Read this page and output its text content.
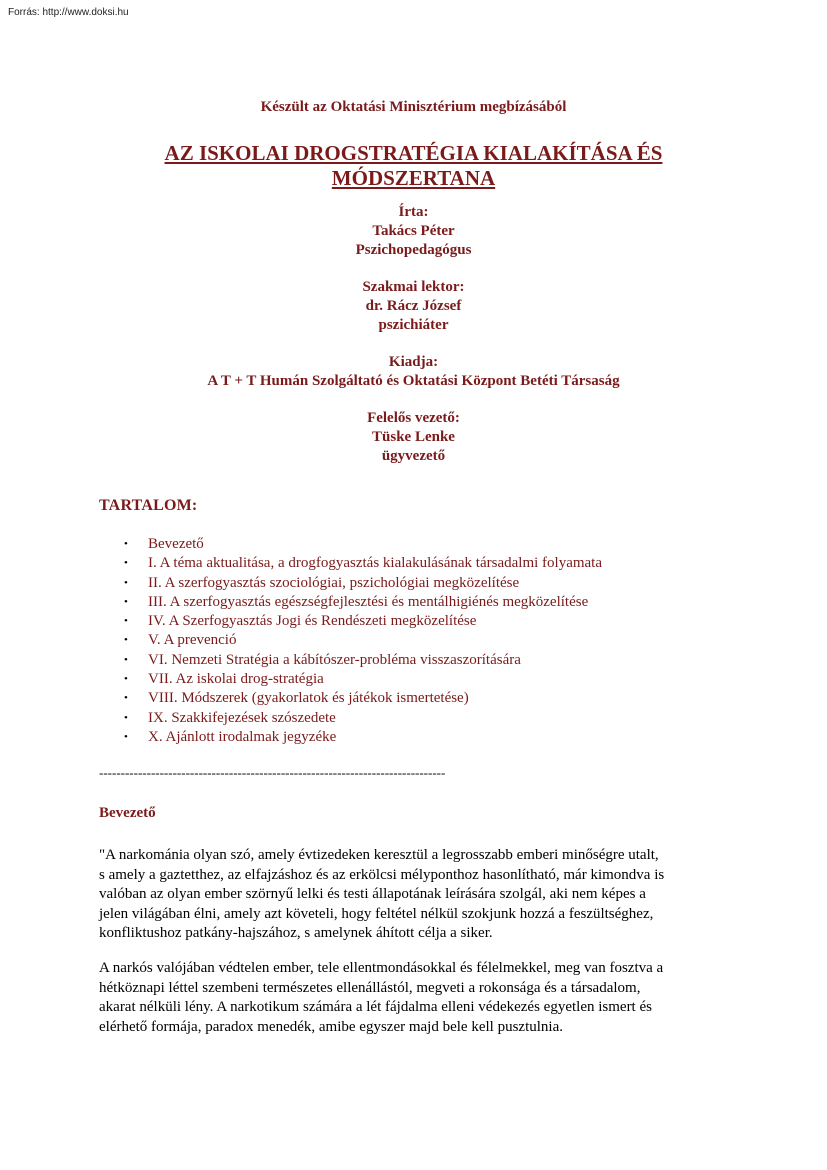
Forrás: http://www.doksi.hu
Készült az Oktatási Minisztérium megbízásából
AZ ISKOLAI DROGSTRATÉGIA KIALAKÍTÁSA ÉS
MÓDSZERTANA
Írta:
Takács Péter
Pszichopedagógus
Szakmai lektor:
dr. Rácz József
pszichiáter
Kiadja:
A T + T Humán Szolgáltató és Oktatási Központ Betéti Társaság
Felelős vezető:
Tüske Lenke
ügyvezető
TARTALOM:
• Bevezető
• I. A téma aktualitása, a drogfogyasztás kialakulásának társadalmi folyamata
• II. A szerfogyasztás szociológiai, pszichológiai megközelítése
• III. A szerfogyasztás egészségfejlesztési és mentálhigiénés megközelítése
• IV. A Szerfogyasztás Jogi és Rendészeti megközelítése
• V. A prevenció
• VI. Nemzeti Stratégia a kábítószer-probléma visszaszorítására
• VII. Az iskolai drog-stratégia
• VIII. Módszerek (gyakorlatok és játékok ismertetése)
• IX. Szakkifejezések szószedete
• X. Ajánlott irodalmak jegyzéke
--------------------------------------------------------------------------------
Bevezető
"A narkománia olyan szó, amely évtizedeken keresztül a legrosszabb emberi minőségre utalt,
s amely a gaztetthez, az elfajzáshoz és az erkölcsi mélyponthoz hasonlítható, már kimondva is
valóban az olyan ember szörnyű lelki és testi állapotának leírására szolgál, aki nem képes a
jelen világában élni, amely azt követeli, hogy feltétel nélkül szokjunk hozzá a feszültséghez,
konfliktushoz patkány-hajszához, s amelynek áhított célja a siker.
A narkós valójában védtelen ember, tele ellentmondásokkal és félelmekkel, meg van fosztva a
hétköznapi léttel szembeni természetes ellenállástól, megveti a rokonsága és a társadalom,
akarat nélküli lény. A narkotikum számára a lét fájdalma elleni védekezés egyetlen ismert és
elérhető formája, paradox menedék, amibe egyszer majd bele kell pusztulnia.
